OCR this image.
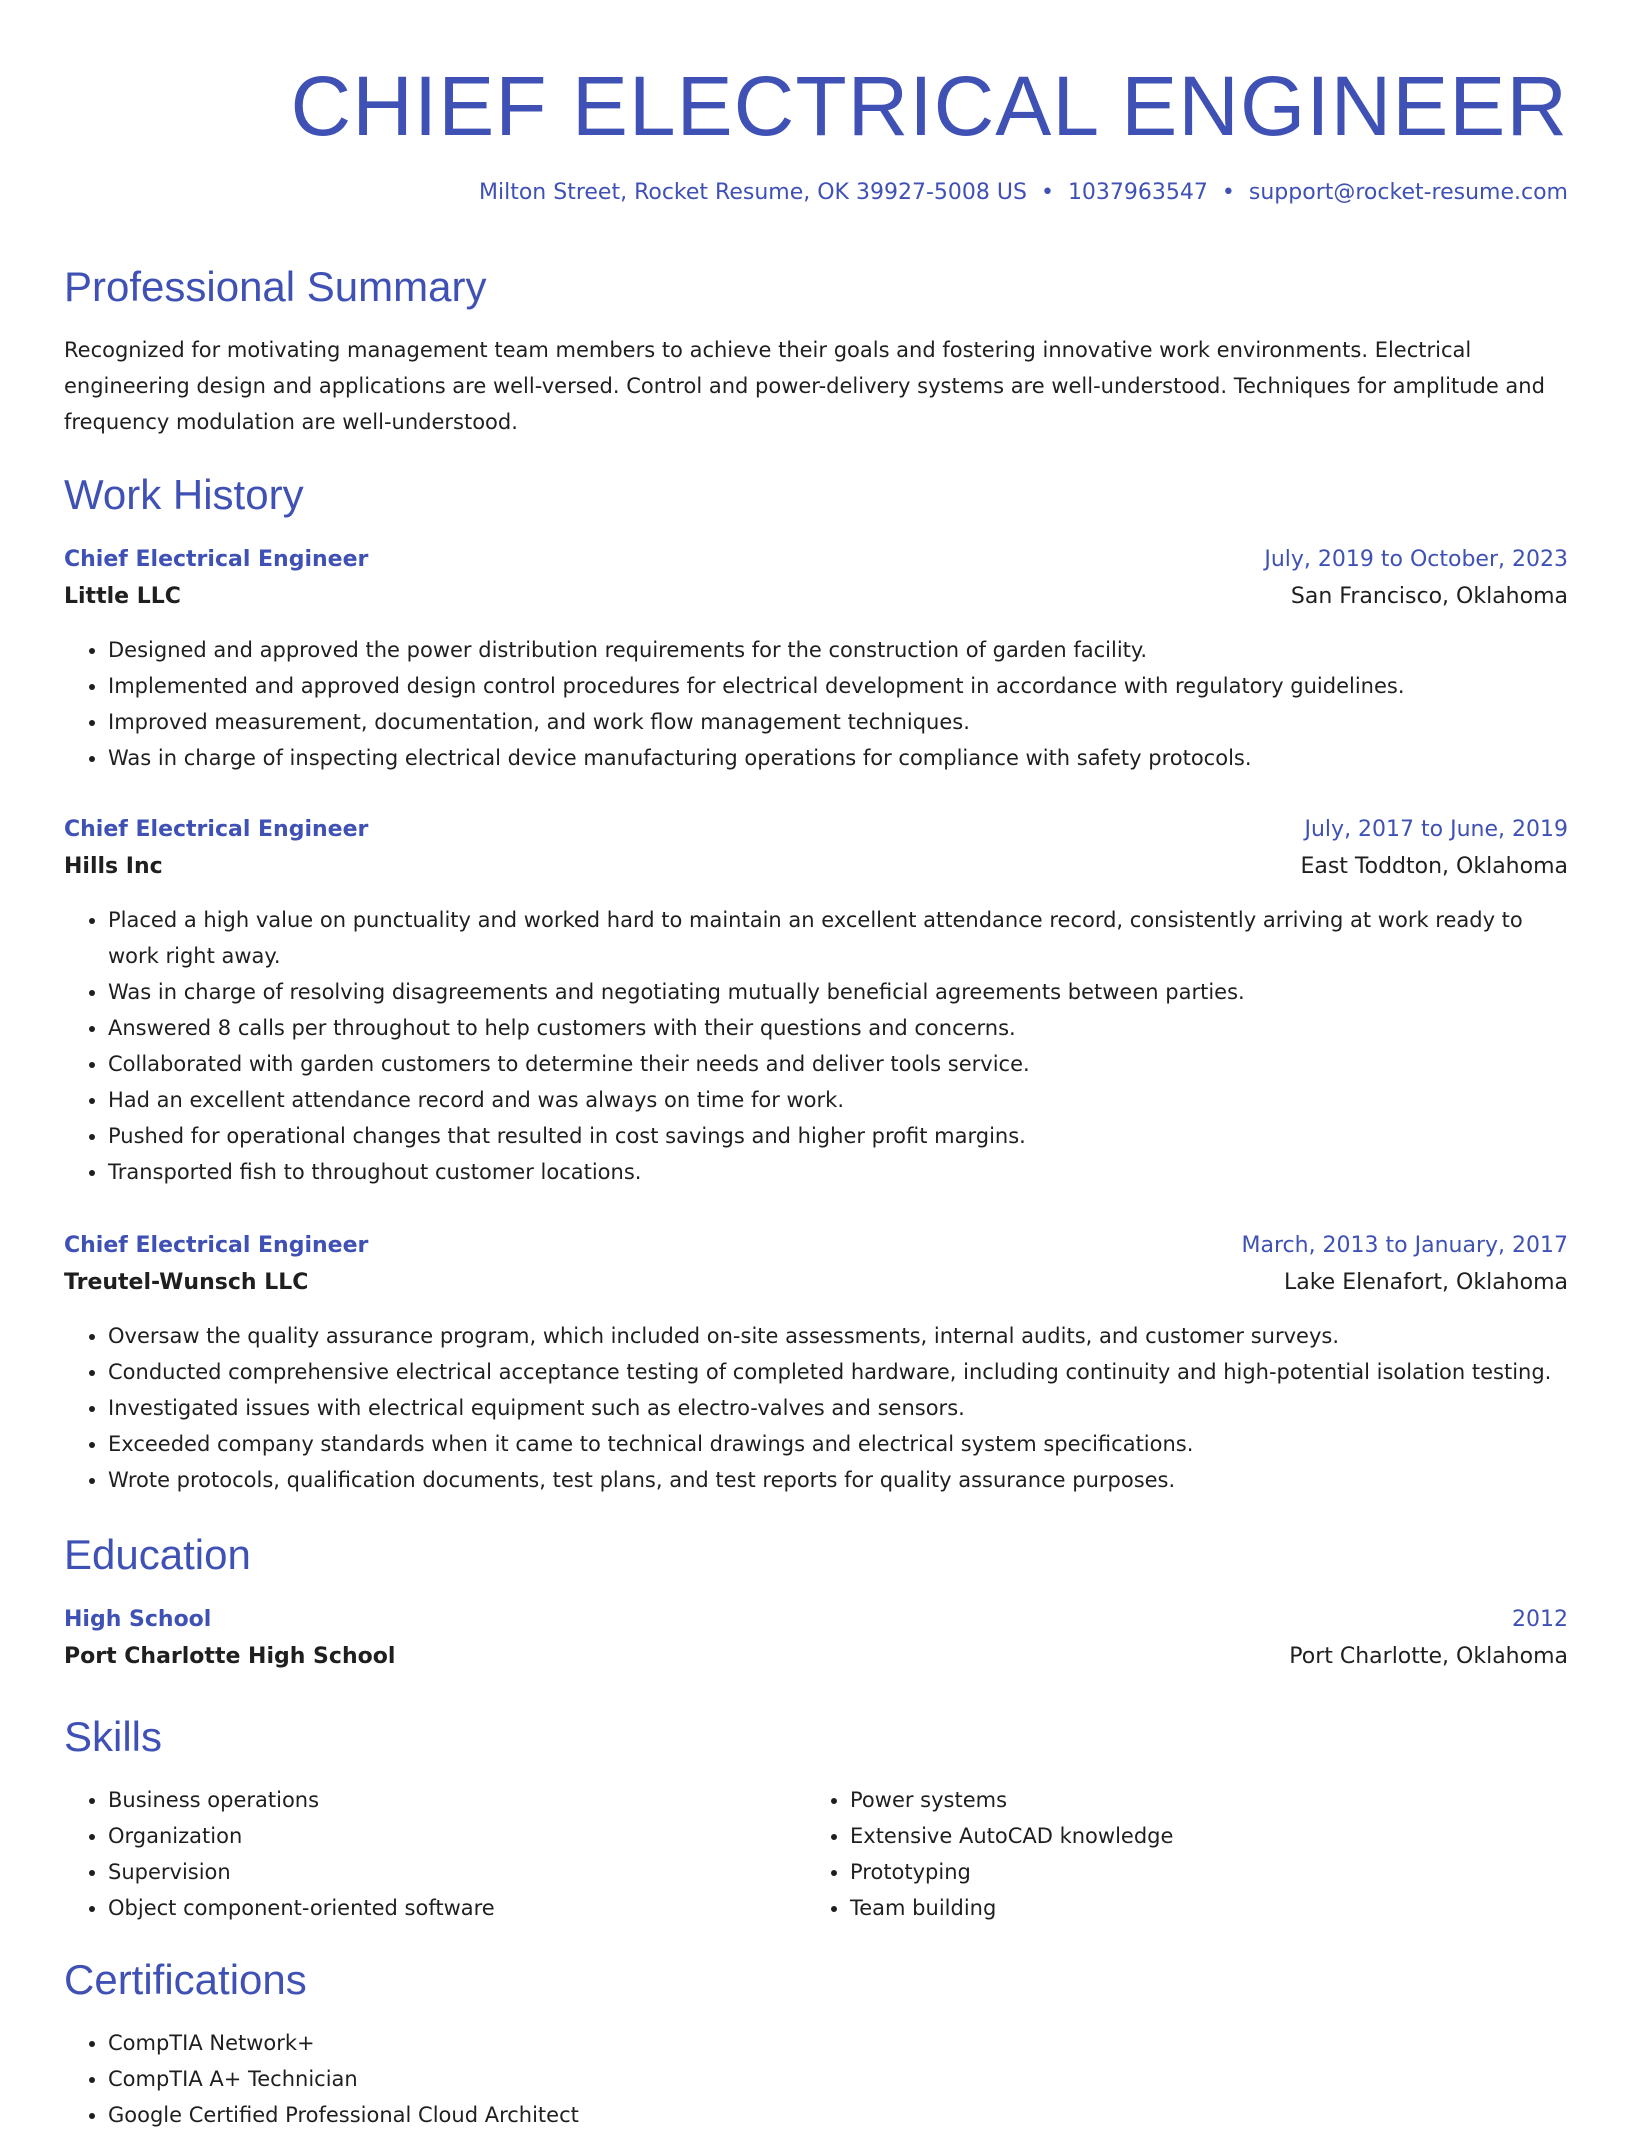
CHIEF ELECTRICAL ENGINEER
Milton Street, Rocket Resume, OK 39927-5008 US • 1037963547 • support@rocket-resume.com
Professional Summary
Recognized for motivating management team members to achieve their goals and fostering innovative work environments. Electrical engineering design and applications are well-versed. Control and power-delivery systems are well-understood. Techniques for amplitude and frequency modulation are well-understood.
Work History
Chief Electrical Engineer	July, 2019 to October, 2023
Little LLC	San Francisco, Oklahoma
• Designed and approved the power distribution requirements for the construction of garden facility.
• Implemented and approved design control procedures for electrical development in accordance with regulatory guidelines.
• Improved measurement, documentation, and work flow management techniques.
• Was in charge of inspecting electrical device manufacturing operations for compliance with safety protocols.
Chief Electrical Engineer	July, 2017 to June, 2019
Hills Inc	East Toddton, Oklahoma
• Placed a high value on punctuality and worked hard to maintain an excellent attendance record, consistently arriving at work ready to work right away.
• Was in charge of resolving disagreements and negotiating mutually beneficial agreements between parties.
• Answered 8 calls per throughout to help customers with their questions and concerns.
• Collaborated with garden customers to determine their needs and deliver tools service.
• Had an excellent attendance record and was always on time for work.
• Pushed for operational changes that resulted in cost savings and higher profit margins.
• Transported fish to throughout customer locations.
Chief Electrical Engineer	March, 2013 to January, 2017
Treutel-Wunsch LLC	Lake Elenafort, Oklahoma
• Oversaw the quality assurance program, which included on-site assessments, internal audits, and customer surveys.
• Conducted comprehensive electrical acceptance testing of completed hardware, including continuity and high-potential isolation testing.
• Investigated issues with electrical equipment such as electro-valves and sensors.
• Exceeded company standards when it came to technical drawings and electrical system specifications.
• Wrote protocols, qualification documents, test plans, and test reports for quality assurance purposes.
Education
High School	2012
Port Charlotte High School	Port Charlotte, Oklahoma
Skills
• Business operations
• Organization
• Supervision
• Object component-oriented software
• Power systems
• Extensive AutoCAD knowledge
• Prototyping
• Team building
Certifications
• CompTIA Network+
• CompTIA A+ Technician
• Google Certified Professional Cloud Architect
